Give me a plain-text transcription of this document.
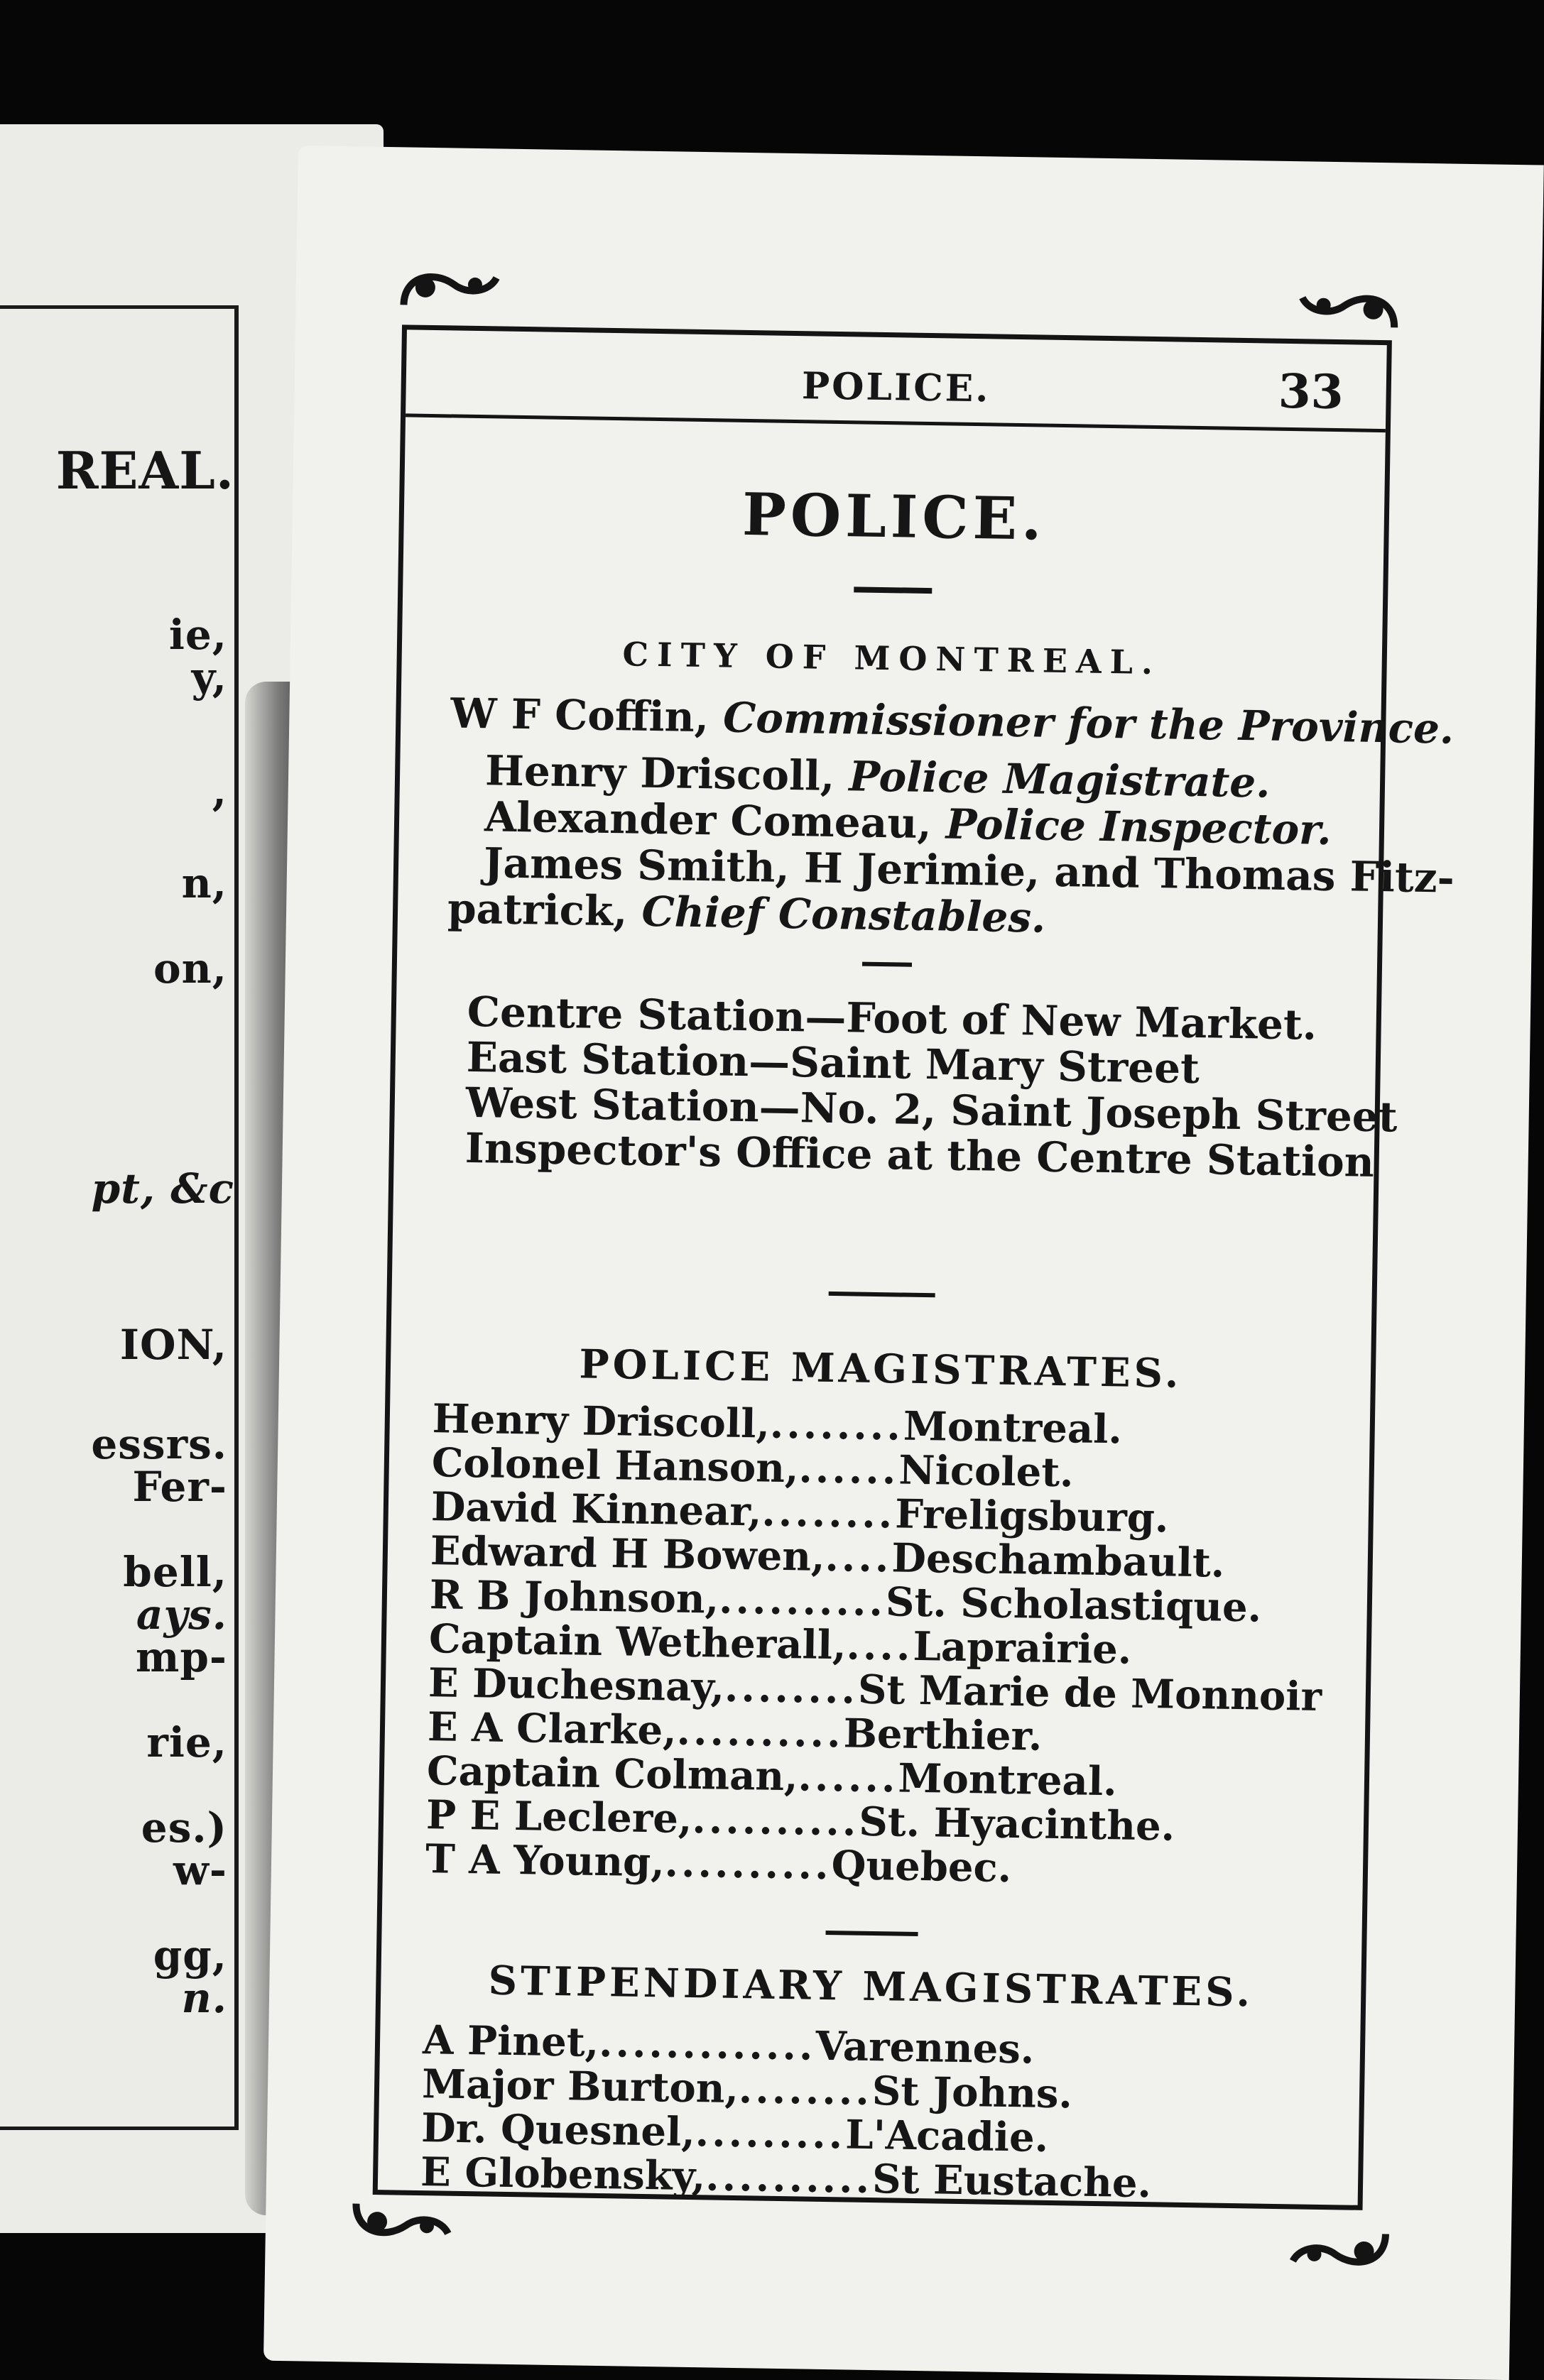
REAL.
ie,
y,
,
n,
on,
pt, &c
ION,
essrs.
Fer-
bell,
ays.
mp-
rie,
es.)
w-
gg,
n.
POLICE.	33
POLICE.
CITY OF MONTREAL.
W F Coffin, Commissioner for the Province.
Henry Driscoll, Police Magistrate.
Alexander Comeau, Police Inspector.
James Smith, H Jerimie, and Thomas Fitz-
patrick, Chief Constables.
Centre Station—Foot of New Market.
East Station—Saint Mary Street
West Station—No. 2, Saint Joseph Street
Inspector's Office at the Centre Station
POLICE MAGISTRATES.
Henry Driscoll,
........
Montreal.
Colonel Hanson,
......
Nicolet.
David Kinnear,
........
Freligsburg.
Edward H Bowen,
....
Deschambault.
R B Johnson,
..........
St. Scholastique.
Captain Wetherall,
....
Laprairie.
E Duchesnay,
........
St Marie de Monnoir
E A Clarke,
..........
Berthier.
Captain Colman,
......
Montreal.
P E Leclere,
..........
St. Hyacinthe.
T A Young,
..........
Quebec.
STIPENDIARY MAGISTRATES.
A Pinet,
.............
Varennes.
Major Burton,
........
St Johns.
Dr. Quesnel,
.........
L'Acadie.
E Globensky,
..........
St Eustache.
